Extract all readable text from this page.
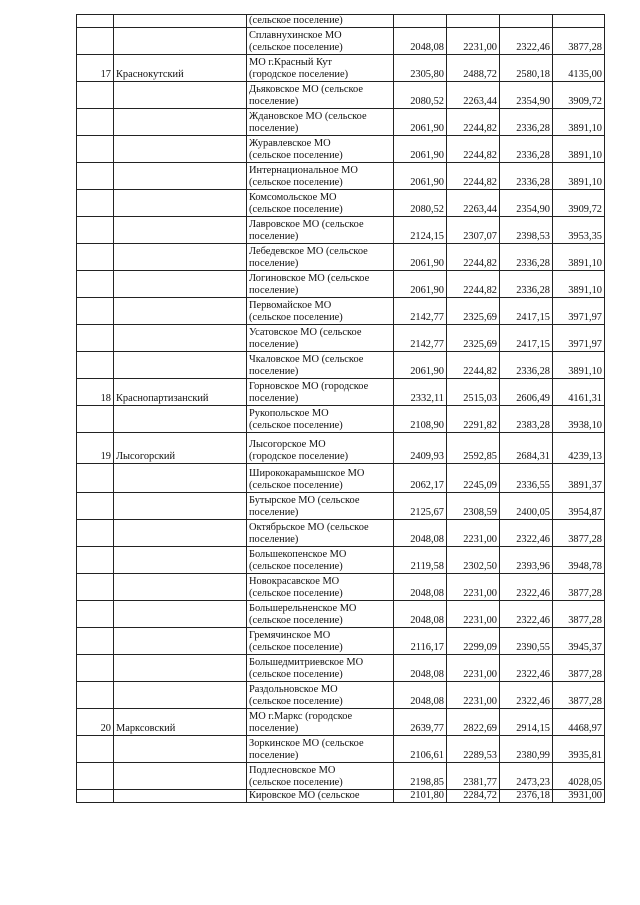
		(сельское поселение)				

		Сплавнухинское МО
(сельское поселение)	2048,08	2231,00	2322,46	3877,28
17	Краснокутский	МО г.Красный Кут
(городское поселение)	2305,80	2488,72	2580,18	4135,00

		Дьяковское МО (сельское
поселение)	2080,52	2263,44	2354,90	3909,72

		Ждановское МО (сельское
поселение)	2061,90	2244,82	2336,28	3891,10

		Журавлевское МО
(сельское поселение)	2061,90	2244,82	2336,28	3891,10

		Интернациональное МО
(сельское поселение)	2061,90	2244,82	2336,28	3891,10

		Комсомольское МО
(сельское поселение)	2080,52	2263,44	2354,90	3909,72

		Лавровское МО (сельское
поселение)	2124,15	2307,07	2398,53	3953,35

		Лебедевское МО (сельское
поселение)	2061,90	2244,82	2336,28	3891,10

		Логиновское МО (сельское
поселение)	2061,90	2244,82	2336,28	3891,10

		Первомайское МО
(сельское поселение)	2142,77	2325,69	2417,15	3971,97

		Усатовское МО (сельское
поселение)	2142,77	2325,69	2417,15	3971,97

		Чкаловское МО (сельское
поселение)	2061,90	2244,82	2336,28	3891,10
18	Краснопартизанский	Горновское МО (городское
поселение)	2332,11	2515,03	2606,49	4161,31

		Рукопольское МО
(сельское поселение)	2108,90	2291,82	2383,28	3938,10
19	Лысогорский	Лысогорское МО
(городское поселение)	2409,93	2592,85	2684,31	4239,13

		Ширококарамышское МО
(сельское поселение)	2062,17	2245,09	2336,55	3891,37

		Бутырское МО (сельское
поселение)	2125,67	2308,59	2400,05	3954,87

		Октябрьское МО (сельское
поселение)	2048,08	2231,00	2322,46	3877,28

		Большекопенское МО
(сельское поселение)	2119,58	2302,50	2393,96	3948,78

		Новокрасавское МО
(сельское поселение)	2048,08	2231,00	2322,46	3877,28

		Большерельненское МО
(сельское поселение)	2048,08	2231,00	2322,46	3877,28

		Гремячинское МО
(сельское поселение)	2116,17	2299,09	2390,55	3945,37

		Большедмитриевское МО
(сельское поселение)	2048,08	2231,00	2322,46	3877,28

		Раздольновское МО
(сельское поселение)	2048,08	2231,00	2322,46	3877,28
20	Марксовский	МО г.Маркс (городское
поселение)	2639,77	2822,69	2914,15	4468,97

		Зоркинское МО (сельское
поселение)	2106,61	2289,53	2380,99	3935,81

		Подлесновское МО
(сельское поселение)	2198,85	2381,77	2473,23	4028,05

		Кировское МО (сельское	2101,80	2284,72	2376,18	3931,00
